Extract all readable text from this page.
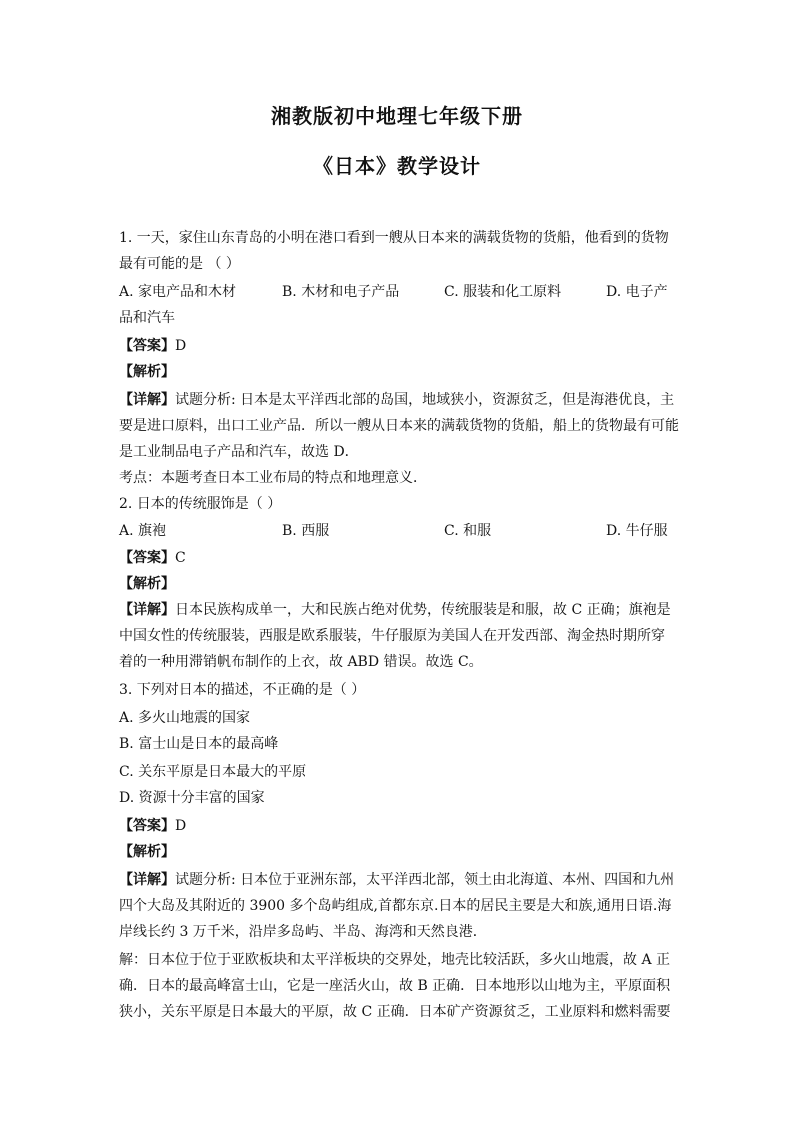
湘教版初中地理七年级下册
《日本》教学设计
1. 一天，家住山东青岛的小明在港口看到一艘从日本来的满载货物的货船，他看到的货物
最有可能的是 （ ）
A. 家电产品和木材	B. 木材和电子产品	C. 服装和化工原料	D. 电子产
品和汽车
【答案】D
【解析】
【详解】试题分析: 日本是太平洋西北部的岛国，地域狭小，资源贫乏，但是海港优良，主
要是进口原料，出口工业产品．所以一艘从日本来的满载货物的货船，船上的货物最有可能
是工业制品电子产品和汽车，故选 D．
考点：本题考查日本工业布局的特点和地理意义．
2. 日本的传统服饰是（ ）
A. 旗袍	B. 西服	C. 和服	D. 牛仔服
【答案】C
【解析】
【详解】日本民族构成单一，大和民族占绝对优势，传统服装是和服，故 C 正确；旗袍是
中国女性的传统服装，西服是欧系服装，牛仔服原为美国人在开发西部、淘金热时期所穿
着的一种用滞销帆布制作的上衣，故 ABD 错误。故选 C。
3. 下列对日本的描述，不正确的是（ ）
A. 多火山地震的国家
B. 富士山是日本的最高峰
C. 关东平原是日本最大的平原
D. 资源十分丰富的国家
【答案】D
【解析】
【详解】试题分析: 日本位于亚洲东部，太平洋西北部，领土由北海道、本州、四国和九州
四个大岛及其附近的 3900 多个岛屿组成,首都东京.日本的居民主要是大和族,通用日语.海
岸线长约 3 万千米，沿岸多岛屿、半岛、海湾和天然良港．
解：日本位于位于亚欧板块和太平洋板块的交界处，地壳比较活跃，多火山地震，故 A 正
确．日本的最高峰富士山，它是一座活火山，故 B 正确．日本地形以山地为主，平原面积
狭小，关东平原是日本最大的平原，故 C 正确．日本矿产资源贫乏，工业原料和燃料需要
